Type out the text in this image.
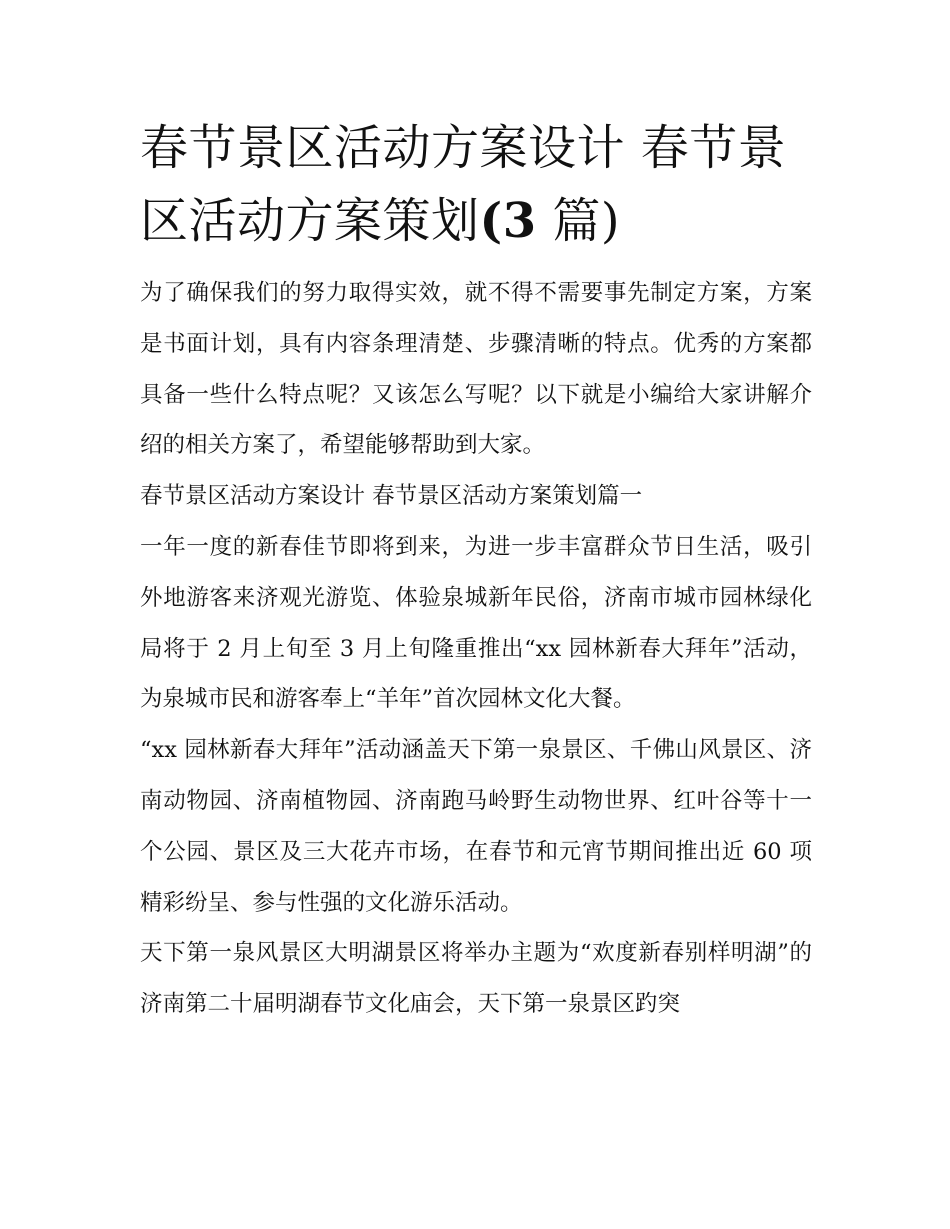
春节景区活动方案设计 春节景区活动方案策划(3 篇)

为了确保我们的努力取得实效，就不得不需要事先制定方案，方案是书面计划，具有内容条理清楚、步骤清晰的特点。优秀的方案都具备一些什么特点呢？又该怎么写呢？以下就是小编给大家讲解介绍的相关方案了，希望能够帮助到大家。

春节景区活动方案设计 春节景区活动方案策划篇一

一年一度的新春佳节即将到来，为进一步丰富群众节日生活，吸引外地游客来济观光游览、体验泉城新年民俗，济南市城市园林绿化局将于 2 月上旬至 3 月上旬隆重推出“xx 园林新春大拜年”活动，为泉城市民和游客奉上“羊年”首次园林文化大餐。

“xx 园林新春大拜年”活动涵盖天下第一泉景区、千佛山风景区、济南动物园、济南植物园、济南跑马岭野生动物世界、红叶谷等十一个公园、景区及三大花卉市场，在春节和元宵节期间推出近 60 项精彩纷呈、参与性强的文化游乐活动。

天下第一泉风景区大明湖景区将举办主题为“欢度新春别样明湖”的济南第二十届明湖春节文化庙会，天下第一泉景区趵突
